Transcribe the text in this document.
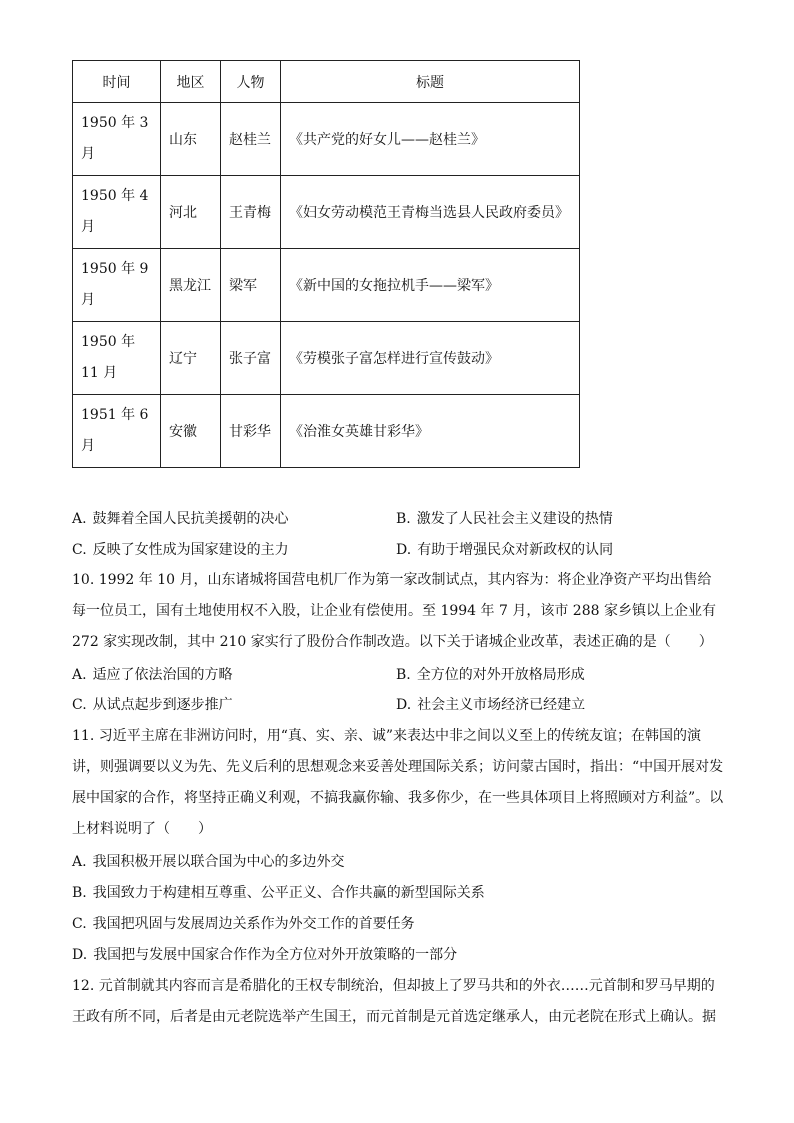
时间	地区	人物	标题
1950 年 3 月	山东	赵桂兰	《共产党的好女儿——赵桂兰》
1950 年 4 月	河北	王青梅	《妇女劳动模范王青梅当选县人民政府委员》
1950 年 9 月	黑龙江	梁军	《新中国的女拖拉机手——梁军》
1950 年 11 月	辽宁	张子富	《劳模张子富怎样进行宣传鼓动》
1951 年 6 月	安徽	甘彩华	《治淮女英雄甘彩华》
A. 鼓舞着全国人民抗美援朝的决心	B. 激发了人民社会主义建设的热情
C. 反映了女性成为国家建设的主力	D. 有助于增强民众对新政权的认同
10. 1992 年 10 月，山东诸城将国营电机厂作为第一家改制试点，其内容为：将企业净资产平均出售给每一位员工，国有土地使用权不入股，让企业有偿使用。至 1994 年 7 月，该市 288 家乡镇以上企业有 272 家实现改制，其中 210 家实行了股份合作制改造。以下关于诸城企业改革，表述正确的是（　　）
A. 适应了依法治国的方略	B. 全方位的对外开放格局形成
C. 从试点起步到逐步推广	D. 社会主义市场经济已经建立
11. 习近平主席在非洲访问时，用“真、实、亲、诚”来表达中非之间以义至上的传统友谊；在韩国的演讲，则强调要以义为先、先义后利的思想观念来妥善处理国际关系；访问蒙古国时，指出：“中国开展对发展中国家的合作，将坚持正确义利观，不搞我赢你输、我多你少，在一些具体项目上将照顾对方利益”。以上材料说明了（　　）
A. 我国积极开展以联合国为中心的多边外交
B. 我国致力于构建相互尊重、公平正义、合作共赢的新型国际关系
C. 我国把巩固与发展周边关系作为外交工作的首要任务
D. 我国把与发展中国家合作作为全方位对外开放策略的一部分
12. 元首制就其内容而言是希腊化的王权专制统治，但却披上了罗马共和的外衣……元首制和罗马早期的王政有所不同，后者是由元老院选举产生国王，而元首制是元首选定继承人，由元老院在形式上确认。据
